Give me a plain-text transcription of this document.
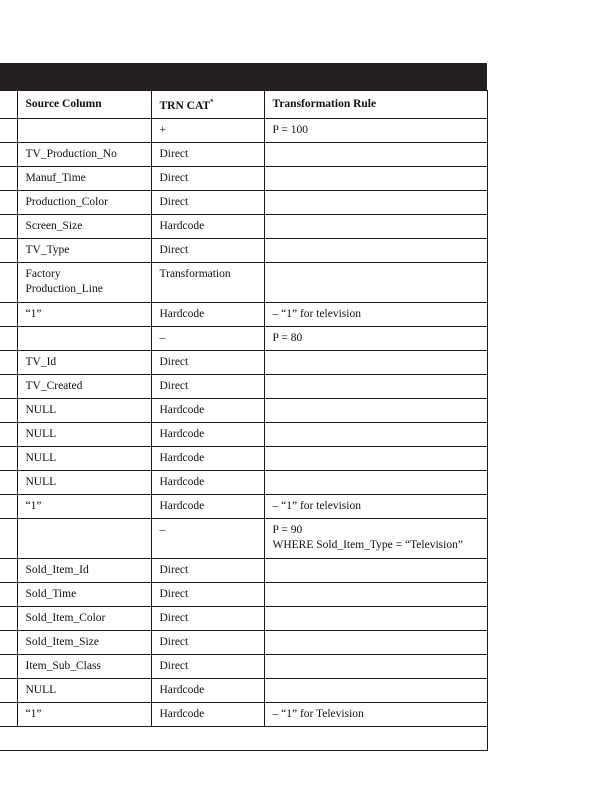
	Source Column	TRN CAT*	Transformation Rule

	+	P = 100

	TV_Production_No	Direct	

	Manuf_Time	Direct	

	Production_Color	Direct	

	Screen_Size	Hardcode	

	TV_Type	Direct	

	Factory
Production_Line	Transformation	

	“1”	Hardcode	– “1” for television

	–	P = 80

	TV_Id	Direct	

	TV_Created	Direct	

	NULL	Hardcode	

	NULL	Hardcode	

	NULL	Hardcode	

	NULL	Hardcode	

	“1”	Hardcode	– “1” for television

	–	P = 90
WHERE Sold_Item_Type = “Television”

	Sold_Item_Id	Direct	

	Sold_Time	Direct	

	Sold_Item_Color	Direct	

	Sold_Item_Size	Direct	

	Item_Sub_Class	Direct	

	NULL	Hardcode	

	“1”	Hardcode	– “1” for Television
